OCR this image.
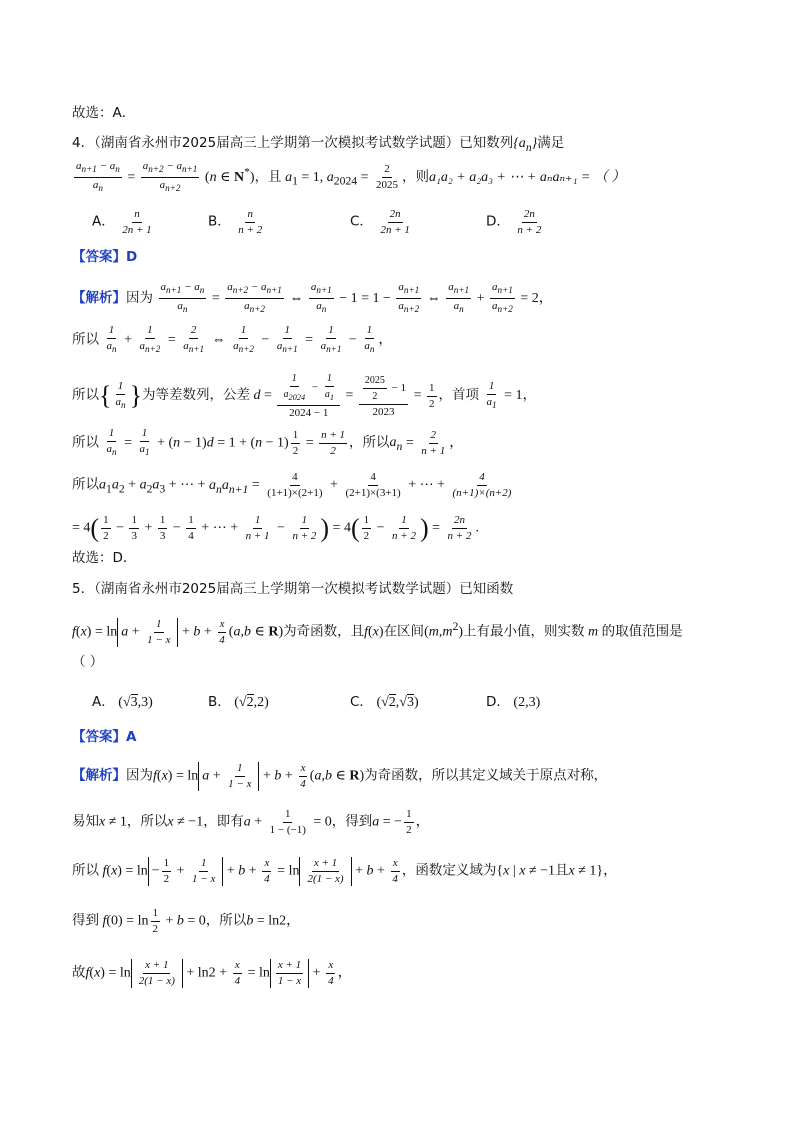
故选：A．
4．（湖南省永州市2025届高三上学期第一次模拟考试数学试题）已知数列$\{a_n\}$满足
$\frac{a_{n+1} - a_n}{a_n} = \frac{a_{n+2} - a_{n+1}}{a_{n+2}} (n$ ∈ N*)，且 $a_1 = 1$, $a_{2024} = \frac{2}{2025}$ ，则a₁a₂ + a₂a₃ + ⋯ + aₙaₙ₊₁ = （ ）
A． $\frac{n}{2n + 1}$	B． $\frac{n}{n + 2}$	C． $\frac{2n}{2n + 1}$	D． $\frac{2n}{n + 2}$
【答案】D
【解析】因为 $\frac{a_{n+1} - a_n}{a_n} = \frac{a_{n+2} - a_{n+1}}{a_{n+2}}$ ⇔ $\frac{a_{n+1}}{a_n} - 1 = 1 - \frac{a_{n+1}}{a_{n+2}}$ ⇔ $\frac{a_{n+1}}{a_n} + \frac{a_{n+1}}{a_{n+2}} = 2$，
所以 $\frac{1}{a_n} + \frac{1}{a_{n+2}} = \frac{2}{a_{n+1}}$ ⇔ $\frac{1}{a_{n+2}} - \frac{1}{a_{n+1}} = \frac{1}{a_{n+1}} - \frac{1}{a_n}$ ，
所以{ $\frac{1}{a_n}$ }为等差数列，公差 $d = \frac{\frac{1}{a_{2024}} - \frac{1}{a_1}}{2024 - 1} = \frac{\frac{2025}{2} - 1}{2023} = \frac{1}{2}$ ，首项 $\frac{1}{a_1} = 1$，
所以 $\frac{1}{a_n} = \frac{1}{a_1} + (n - 1)d = 1 + (n - 1) \frac{1}{2} = \frac{n + 1}{2}$ ，所以$a_n = \frac{2}{n + 1}$ ，
所以$a_1a_2 + a_2a_3$ + ⋯ + $a_na_{n+1} = \frac{4}{(1+1)\times(2+1)} + \frac{4}{(2+1)\times(3+1)}$ + ⋯ + $\frac{4}{(n+1)\times(n+2)}$
= $4( \frac{1}{2} - \frac{1}{3} + \frac{1}{3} - \frac{1}{4}$ + ⋯ + $\frac{1}{n + 1} - \frac{1}{n + 2}$ ) = $4( \frac{1}{2} - \frac{1}{n + 2}$ ) = $\frac{2n}{n + 2}$ .
故选：D．
5．（湖南省永州市2025届高三上学期第一次模拟考试数学试题）已知函数
$f(x) = \ln a + \frac{1}{1 - x} + b + \frac{x}{4} (a,b$ ∈ R)为奇函数，且f(x)在区间$(m,m^2)$上有最小值，则实数 m 的取值范围是
（ ）
A． (√3,3)	B． (√2,2)	C． (√2,√3)	D． (2,3)
【答案】A
【解析】因为$f(x) = \ln a + \frac{1}{1 - x} + b + \frac{x}{4} (a,b$ ∈ R)为奇函数，所以其定义域关于原点对称，
易知x ≠ 1，所以x ≠ −1，即有$a + \frac{1}{1 - (-1)} = 0$，得到a = − $\frac{1}{2}$ ，
所以 $f(x) = \ln - \frac{1}{2} + \frac{1}{1 - x} + b + \frac{x}{4} = \ln \frac{x + 1}{2(1 - x)} + b + \frac{x}{4}$ ，函数定义域为{x | x ≠ −1且x ≠ 1}，
得到 $f(0) = \ln \frac{1}{2} + b = 0$，所以b = ln2，
故$f(x) = \ln \frac{x + 1}{2(1 - x)} + \ln 2 + \frac{x}{4} = \ln \frac{x + 1}{1 - x} + \frac{x}{4}$ ，
